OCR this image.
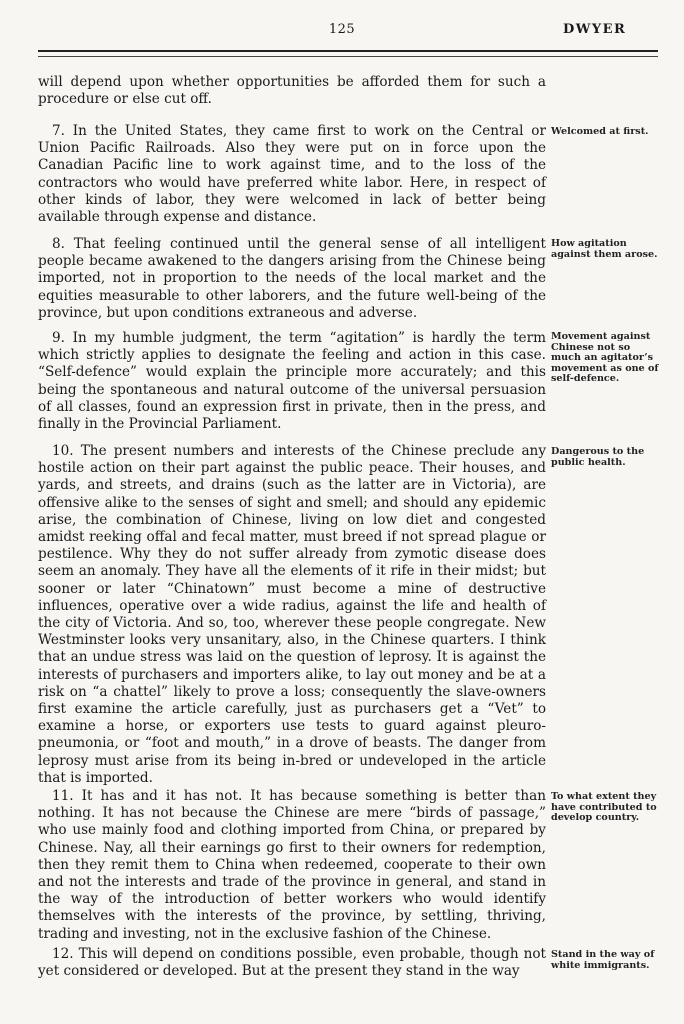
125	DWYER

will depend upon whether opportunities be afforded them for such a procedure or else cut off.

7. In the United States, they came first to work on the Central or Union Pacific Railroads. Also they were put on in force upon the Canadian Pacific line to work against time, and to the loss of the contractors who would have preferred white labor. Here, in respect of other kinds of labor, they were welcomed in lack of better being available through expense and distance.

Welcomed at first.

8. That feeling continued until the general sense of all intelligent people became awakened to the dangers arising from the Chinese being imported, not in proportion to the needs of the local market and the equities measurable to other laborers, and the future well-being of the province, but upon conditions extraneous and adverse.

How agitation against them arose.

9. In my humble judgment, the term “agitation” is hardly the term which strictly applies to designate the feeling and action in this case. “Self-defence” would explain the principle more accurately; and this being the spontaneous and natural outcome of the universal persuasion of all classes, found an expression first in private, then in the press, and finally in the Provincial Parliament.

Movement against Chinese not so much an agitator’s movement as one of self-defence.

10. The present numbers and interests of the Chinese preclude any hostile action on their part against the public peace. Their houses, and yards, and streets, and drains (such as the latter are in Victoria), are offensive alike to the senses of sight and smell; and should any epidemic arise, the combination of Chinese, living on low diet and congested amidst reeking offal and fecal matter, must breed if not spread plague or pestilence. Why they do not suffer already from zymotic disease does seem an anomaly. They have all the elements of it rife in their midst; but sooner or later “Chinatown” must become a mine of destructive influences, operative over a wide radius, against the life and health of the city of Victoria. And so, too, wherever these people congregate. New Westminster looks very unsanitary, also, in the Chinese quarters. I think that an undue stress was laid on the question of leprosy. It is against the interests of purchasers and importers alike, to lay out money and be at a risk on “a chattel” likely to prove a loss; consequently the slave-owners first examine the article carefully, just as purchasers get a “Vet” to examine a horse, or exporters use tests to guard against pleuro-pneumonia, or “foot and mouth,” in a drove of beasts. The danger from leprosy must arise from its being in-bred or undeveloped in the article that is imported.

Dangerous to the public health.

11. It has and it has not. It has because something is better than nothing. It has not because the Chinese are mere “birds of passage,” who use mainly food and clothing imported from China, or prepared by Chinese. Nay, all their earnings go first to their owners for redemption, then they remit them to China when redeemed, cooperate to their own and not the interests and trade of the province in general, and stand in the way of the introduction of better workers who would identify themselves with the interests of the province, by settling, thriving, trading and investing, not in the exclusive fashion of the Chinese.

To what extent they have contributed to develop country.

12. This will depend on conditions possible, even probable, though not yet considered or developed. But at the present they stand in the way

Stand in the way of white immigrants.
